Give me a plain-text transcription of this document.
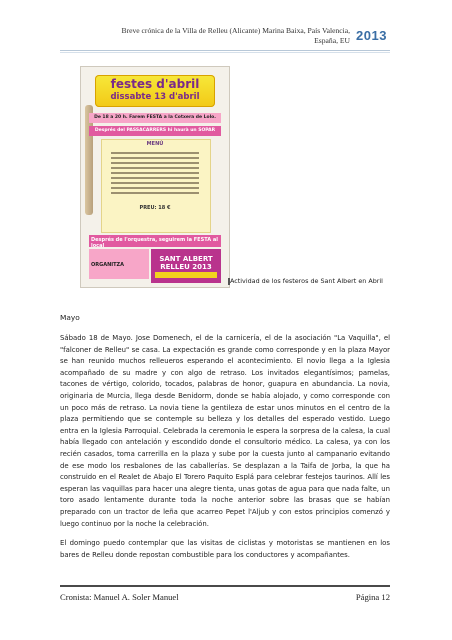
Breve crónica de la Villa de Relleu (Alicante) Marina Baixa, País Valencia,
España, EU 2013
festes d'abril
dissabte 13 d'abril
De 18 a 20 h. Farem FESTA a la Cotxera de Lolo.
Després del PASSACARRERS hi haurà un SOPAR
MENÚ
PREU: 18 €
Després de l'orquestra, seguirem la FESTA al local
ORGANITZA
SANT ALBERT RELLEU 2013
Actividad de los festeros de Sant Albert en Abril
Mayo

Sábado 18 de Mayo. Jose Domenech, el de la carnicería, el de la asociación "La Vaquilla", el "falconer de Relleu" se casa. La expectación es grande como corresponde y en la plaza Mayor se han reunido muchos relleueros esperando el acontecimiento. El novio llega a la Iglesia acompañado de su madre y con algo de retraso. Los invitados elegantísimos; pamelas, tacones de vértigo, colorido, tocados, palabras de honor, guapura en abundancia. La novia, originaria de Murcia, llega desde Benidorm, donde se había alojado, y como corresponde con un poco más de retraso. La novia tiene la gentileza de estar unos minutos en el centro de la plaza permitiendo que se contemple su belleza y los detalles del esperado vestido. Luego entra en la Iglesia Parroquial. Celebrada la ceremonia le espera la sorpresa de la calesa, la cual había llegado con antelación y escondido donde el consultorio médico. La calesa, ya con los recién casados, toma carrerilla en la plaza y sube por la cuesta junto al campanario evitando de ese modo los resbalones de las caballerías. Se desplazan a la Taifa de Jorba, la que ha construido en el Realet de Abajo El Torero Paquito Esplá para celebrar festejos taurinos. Allí les esperan las vaquillas para hacer una alegre tienta, unas gotas de agua para que nada falte, un toro asado lentamente durante toda la noche anterior sobre las brasas que se habían preparado con un tractor de leña que acarreo Pepet l'Aljub y con estos principios comenzó y luego continuo por la noche la celebración.

El domingo puedo contemplar que las visitas de ciclistas y motoristas se mantienen en los bares de Relleu donde repostan combustible para los conductores y acompañantes.

Cronista: Manuel A. Soler Manuel	Página 12
